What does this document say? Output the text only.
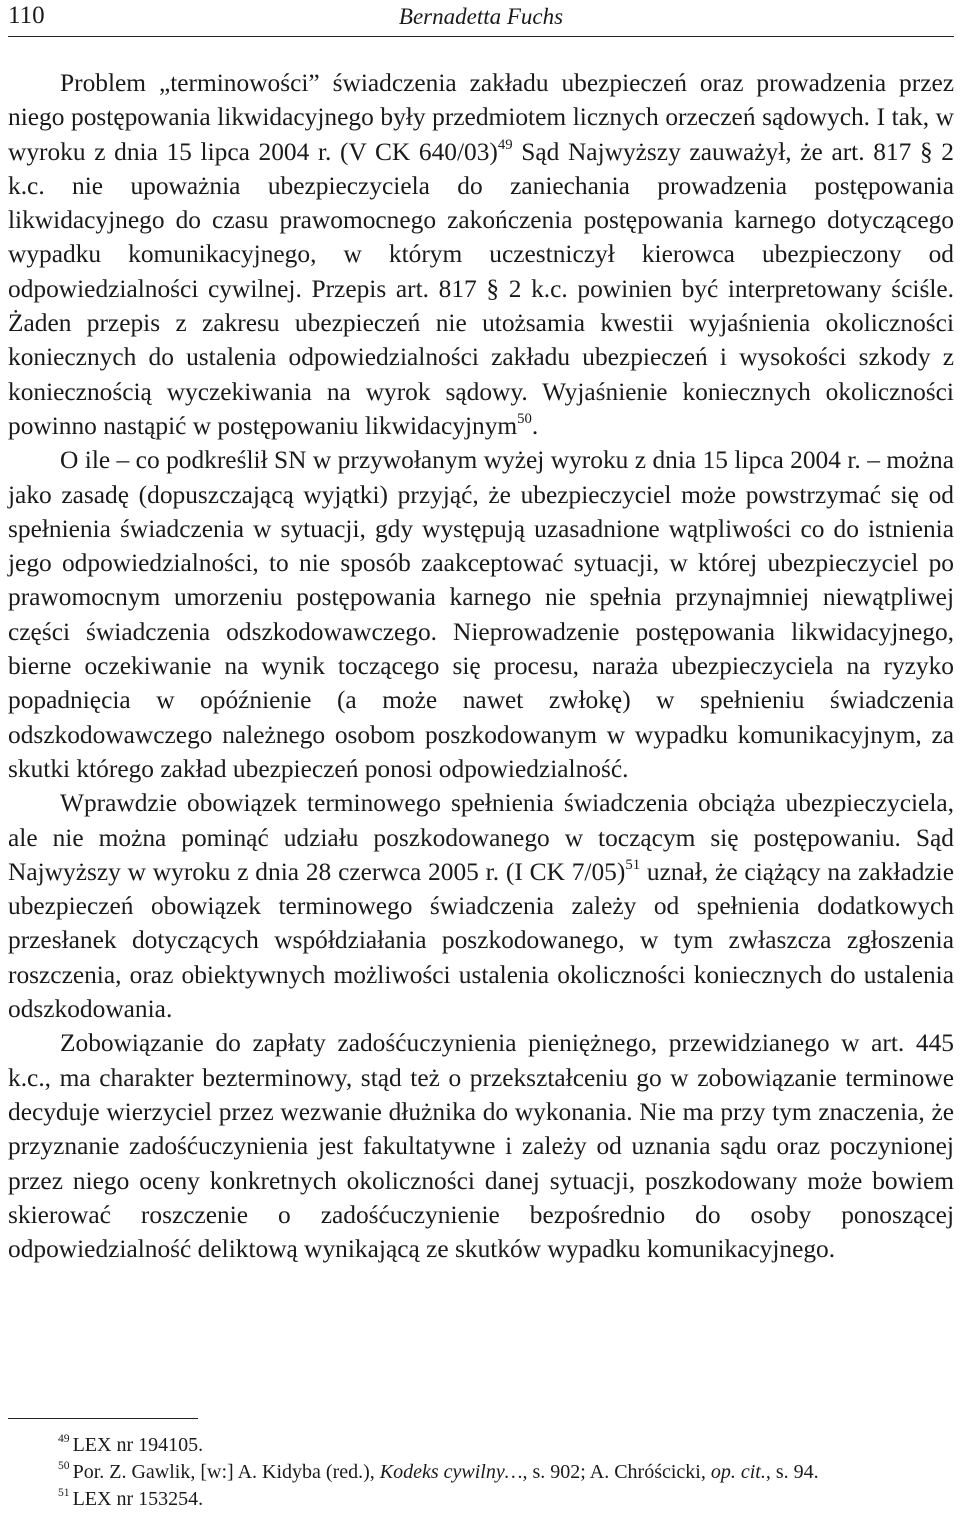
110	Bernadetta Fuchs

Problem „terminowości” świadczenia zakładu ubezpieczeń oraz prowadzenia przez niego postępowania likwidacyjnego były przedmiotem licznych orzeczeń sądowych. I tak, w wyroku z dnia 15 lipca 2004 r. (V CK 640/03)$^{49}$ Sąd Najwyższy zauważył, że art. 817 § 2 k.c. nie upoważnia ubezpieczyciela do zaniechania prowadzenia postępowania likwidacyjnego do czasu prawomocnego zakończenia postępowania karnego dotyczącego wypadku komunikacyjnego, w którym uczestniczył kierowca ubezpieczony od odpowiedzialności cywilnej. Przepis art. 817 § 2 k.c. powinien być interpretowany ściśle. Żaden przepis z zakresu ubezpieczeń nie utożsamia kwestii wyjaśnienia okoliczności koniecznych do ustalenia odpowiedzialności zakładu ubezpieczeń i wysokości szkody z koniecznością wyczekiwania na wyrok sądowy. Wyjaśnienie koniecznych okoliczności powinno nastąpić w postępowaniu likwidacyjnym$^{50}$.

O ile – co podkreślił SN w przywołanym wyżej wyroku z dnia 15 lipca 2004 r. – można jako zasadę (dopuszczającą wyjątki) przyjąć, że ubezpieczyciel może powstrzymać się od spełnienia świadczenia w sytuacji, gdy występują uzasadnione wątpliwości co do istnienia jego odpowiedzialności, to nie sposób zaakceptować sytuacji, w której ubezpieczyciel po prawomocnym umorzeniu postępowania karnego nie spełnia przynajmniej niewątpliwej części świadczenia odszkodowawczego. Nieprowadzenie postępowania likwidacyjnego, bierne oczekiwanie na wynik toczącego się procesu, naraża ubezpieczyciela na ryzyko popadnięcia w opóźnienie (a może nawet zwłokę) w spełnieniu świadczenia odszkodowawczego należnego osobom poszkodowanym w wypadku komunikacyjnym, za skutki którego zakład ubezpieczeń ponosi odpowiedzialność.

Wprawdzie obowiązek terminowego spełnienia świadczenia obciąża ubezpieczyciela, ale nie można pominąć udziału poszkodowanego w toczącym się postępowaniu. Sąd Najwyższy w wyroku z dnia 28 czerwca 2005 r. (I CK 7/05)$^{51}$ uznał, że ciążący na zakładzie ubezpieczeń obowiązek terminowego świadczenia zależy od spełnienia dodatkowych przesłanek dotyczących współdziałania poszkodowanego, w tym zwłaszcza zgłoszenia roszczenia, oraz obiektywnych możliwości ustalenia okoliczności koniecznych do ustalenia odszkodowania.

Zobowiązanie do zapłaty zadośćuczynienia pieniężnego, przewidzianego w art. 445 k.c., ma charakter bezterminowy, stąd też o przekształceniu go w zobowiązanie terminowe decyduje wierzyciel przez wezwanie dłużnika do wykonania. Nie ma przy tym znaczenia, że przyznanie zadośćuczynienia jest fakultatywne i zależy od uznania sądu oraz poczynionej przez niego oceny konkretnych okoliczności danej sytuacji, poszkodowany może bowiem skierować roszczenie o zadośćuczynienie bezpośrednio do osoby ponoszącej odpowiedzialność deliktową wynikającą ze skutków wypadku komunikacyjnego.

$^{49}$ LEX nr 194105.

$^{50}$ Por. Z. Gawlik, [w:] A. Kidyba (red.), Kodeks cywilny…, s. 902; A. Chróścicki, op. cit., s. 94.

$^{51}$ LEX nr 153254.
